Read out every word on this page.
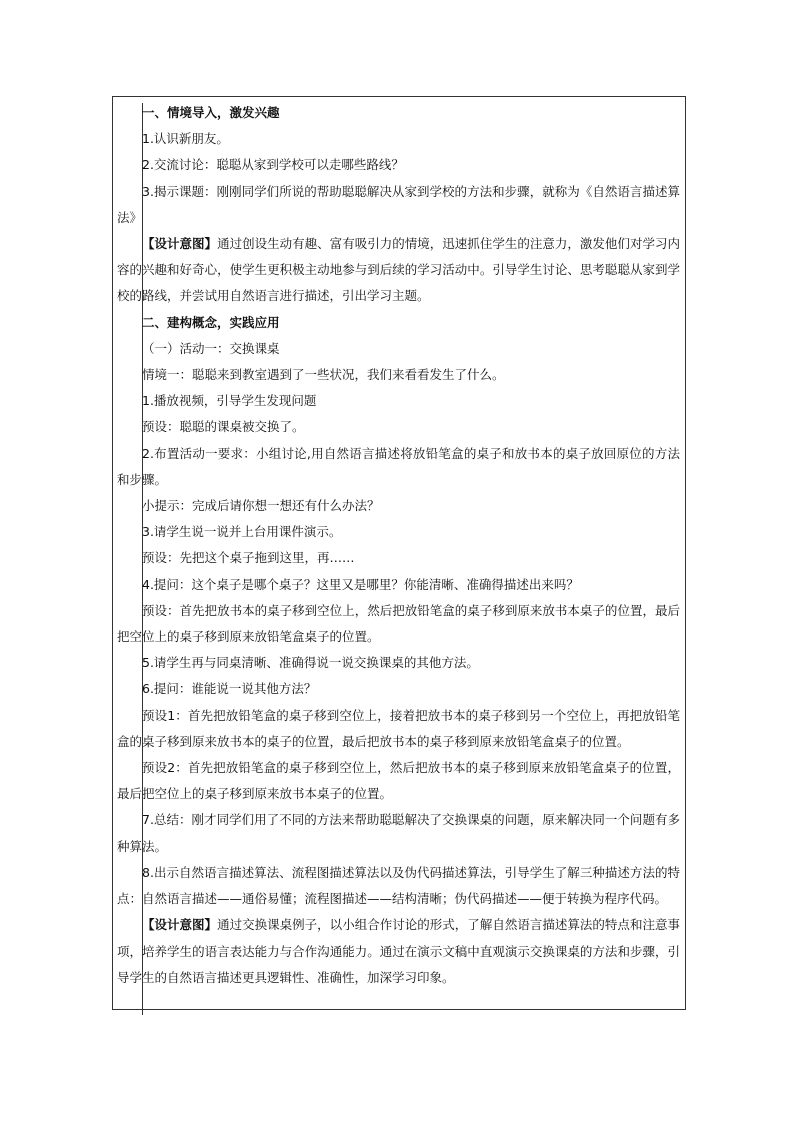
一、情境导入，激发兴趣

1.认识新朋友。

2.交流讨论：聪聪从家到学校可以走哪些路线？

3.揭示课题：刚刚同学们所说的帮助聪聪解决从家到学校的方法和步骤，就称为《自然语言描述算法》

【设计意图】通过创设生动有趣、富有吸引力的情境，迅速抓住学生的注意力，激发他们对学习内容的兴趣和好奇心，使学生更积极主动地参与到后续的学习活动中。引导学生讨论、思考聪聪从家到学校的路线，并尝试用自然语言进行描述，引出学习主题。

二、建构概念，实践应用

（一）活动一：交换课桌

情境一：聪聪来到教室遇到了一些状况，我们来看看发生了什么。

1.播放视频，引导学生发现问题

预设：聪聪的课桌被交换了。

2.布置活动一要求：小组讨论,用自然语言描述将放铅笔盒的桌子和放书本的桌子放回原位的方法和步骤。

小提示：完成后请你想一想还有什么办法？

3.请学生说一说并上台用课件演示。

预设：先把这个桌子拖到这里，再……

4.提问：这个桌子是哪个桌子？这里又是哪里？你能清晰、准确得描述出来吗？

预设：首先把放书本的桌子移到空位上，然后把放铅笔盒的桌子移到原来放书本桌子的位置，最后把空位上的桌子移到原来放铅笔盒桌子的位置。

5.请学生再与同桌清晰、准确得说一说交换课桌的其他方法。

6.提问：谁能说一说其他方法？

预设1：首先把放铅笔盒的桌子移到空位上，接着把放书本的桌子移到另一个空位上，再把放铅笔盒的桌子移到原来放书本的桌子的位置，最后把放书本的桌子移到原来放铅笔盒桌子的位置。

预设2：首先把放铅笔盒的桌子移到空位上，然后把放书本的桌子移到原来放铅笔盒桌子的位置，最后把空位上的桌子移到原来放书本桌子的位置。

7.总结：刚才同学们用了不同的方法来帮助聪聪解决了交换课桌的问题，原来解决同一个问题有多种算法。

8.出示自然语言描述算法、流程图描述算法以及伪代码描述算法，引导学生了解三种描述方法的特点：自然语言描述——通俗易懂；流程图描述——结构清晰；伪代码描述——便于转换为程序代码。

【设计意图】通过交换课桌例子，以小组合作讨论的形式，了解自然语言描述算法的特点和注意事项，培养学生的语言表达能力与合作沟通能力。通过在演示文稿中直观演示交换课桌的方法和步骤，引导学生的自然语言描述更具逻辑性、准确性，加深学习印象。
